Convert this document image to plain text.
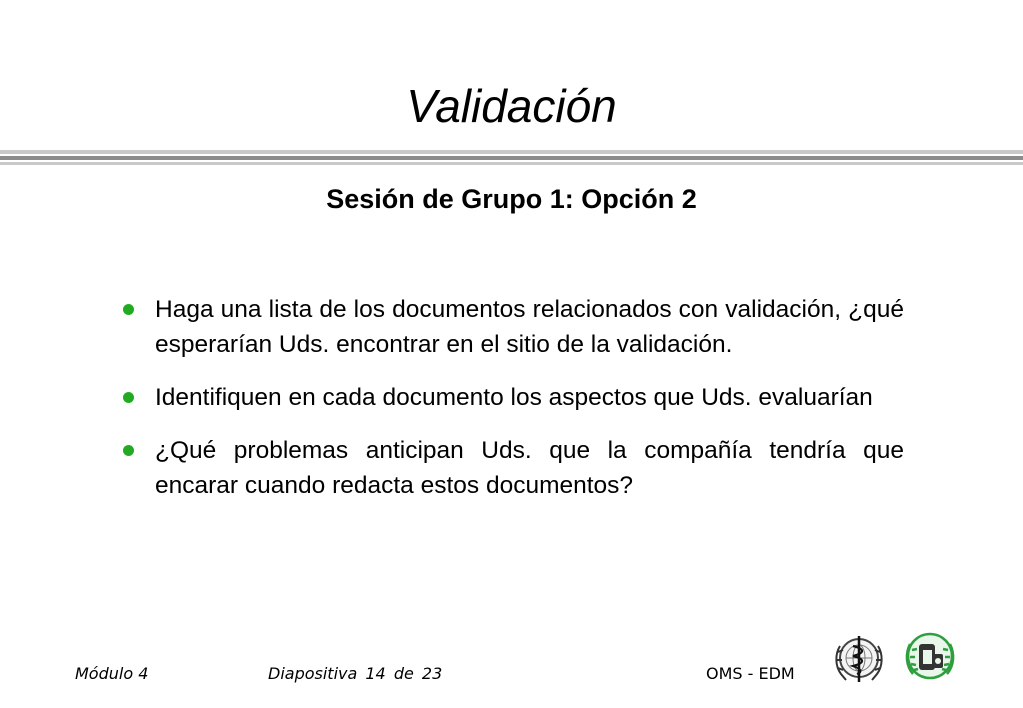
Validación
Sesión de Grupo 1: Opción 2
Haga una lista de los documentos relacionados con validación, ¿qué esperarían Uds. encontrar en el sitio de la validación.
Identifiquen en cada documento los aspectos que Uds. evaluarían
¿Qué problemas anticipan Uds. que la compañía tendría que encarar cuando redacta estos documentos?
Módulo 4	Diapositiva 14 de 23	OMS - EDM
